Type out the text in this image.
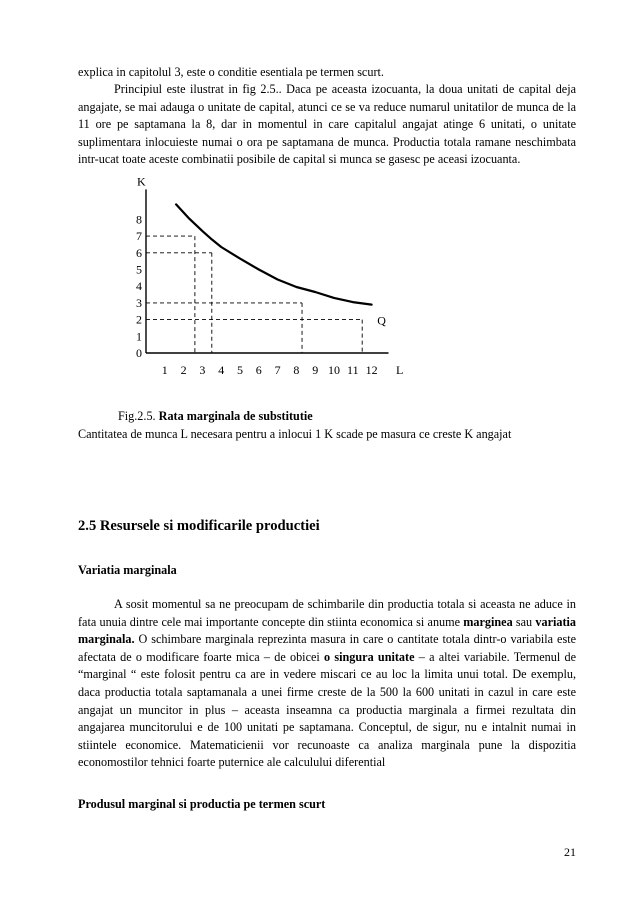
explica in capitolul 3, este o conditie esentiala pe termen scurt.

Principiul este ilustrat in fig 2.5.. Daca pe aceasta izocuanta, la doua unitati de capital deja angajate, se mai adauga o unitate de capital, atunci ce se va reduce numarul unitatilor de munca de la 11 ore pe saptamana la 8, dar in momentul in care capitalul angajat atinge 6 unitati, o unitate suplimentara inlocuieste numai o ora pe saptamana de munca. Productia totala ramane neschimbata intr-ucat toate aceste combinatii posibile de capital si munca se gasesc pe aceasi izocuanta.

K
L
0
1
2
3
4
5
6
7
8
1 2 3 4 5 6 7 8 9 10 11 12
Q
Fig.2.5. Rata marginala de substitutie
Cantitatea de munca L necesara pentru a inlocui 1 K scade pe masura ce creste K angajat
2.5 Resursele si modificarile productiei
Variatia marginala

A sosit momentul sa ne preocupam de schimbarile din productia totala si aceasta ne aduce in fata unuia dintre cele mai importante concepte din stiinta economica si anume marginea sau variatia marginala. O schimbare marginala reprezinta masura in care o cantitate totala dintr-o variabila este afectata de o modificare foarte mica – de obicei o singura unitate – a altei variabile. Termenul de “marginal “ este folosit pentru ca are in vedere miscari ce au loc la limita unui total. De exemplu, daca productia totala saptamanala a unei firme creste de la 500 la 600 unitati in cazul in care este angajat un muncitor in plus – aceasta inseamna ca productia marginala a firmei rezultata din angajarea muncitorului e de 100 unitati pe saptamana. Conceptul, de sigur, nu e intalnit numai in stiintele economice. Matematicienii vor recunoaste ca analiza marginala pune la dispozitia economostilor tehnici foarte puternice ale calculului diferential

Produsul marginal si productia pe termen scurt
21
